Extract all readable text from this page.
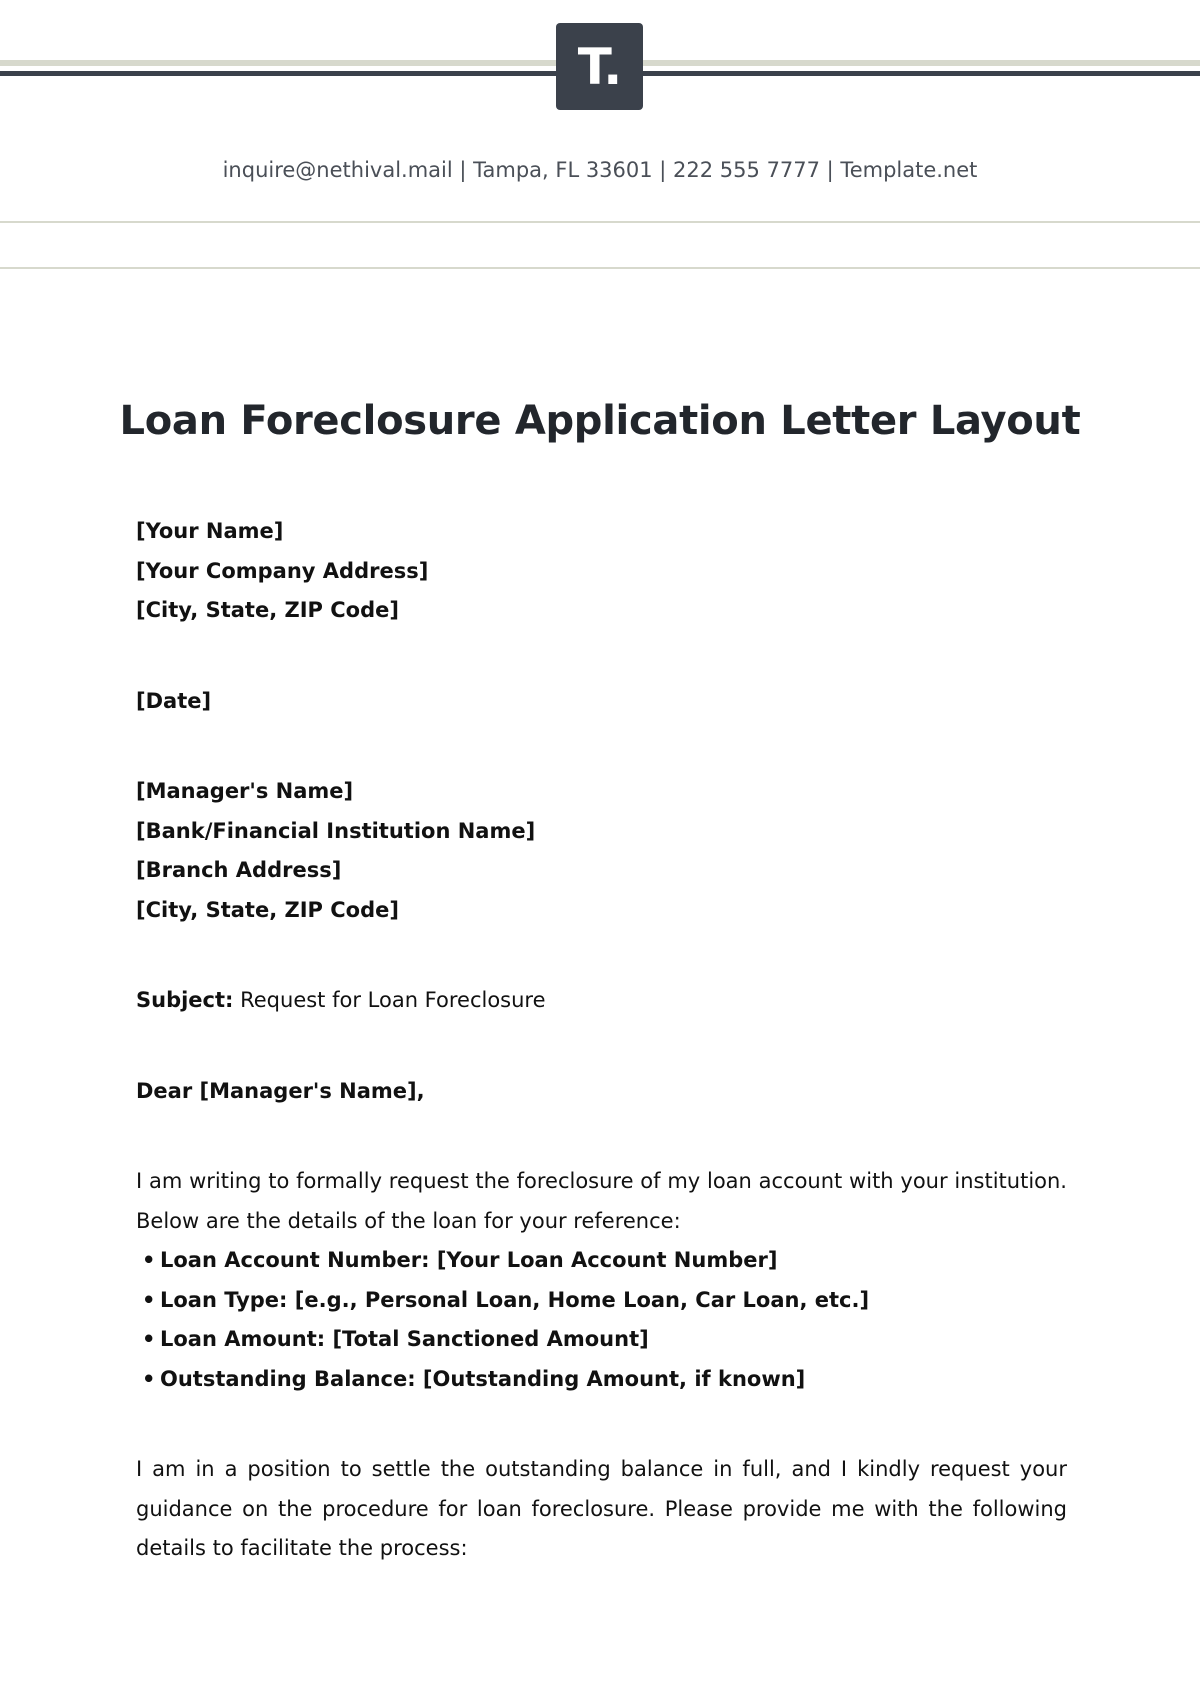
T.
inquire@nethival.mail | Tampa, FL 33601 | 222 555 7777 | Template.net
Loan Foreclosure Application Letter Layout

[Your Name]

[Your Company Address]

[City, State, ZIP Code]

[Date]

[Manager's Name]

[Bank/Financial Institution Name]

[Branch Address]

[City, State, ZIP Code]

Subject: Request for Loan Foreclosure

Dear [Manager's Name],

I am writing to formally request the foreclosure of my loan account with your institution. Below are the details of the loan for your reference:

• Loan Account Number: [Your Loan Account Number]
• Loan Type: [e.g., Personal Loan, Home Loan, Car Loan, etc.]
• Loan Amount: [Total Sanctioned Amount]
• Outstanding Balance: [Outstanding Amount, if known]

I am in a position to settle the outstanding balance in full, and I kindly request your guidance on the procedure for loan foreclosure. Please provide me with the following details to facilitate the process:
